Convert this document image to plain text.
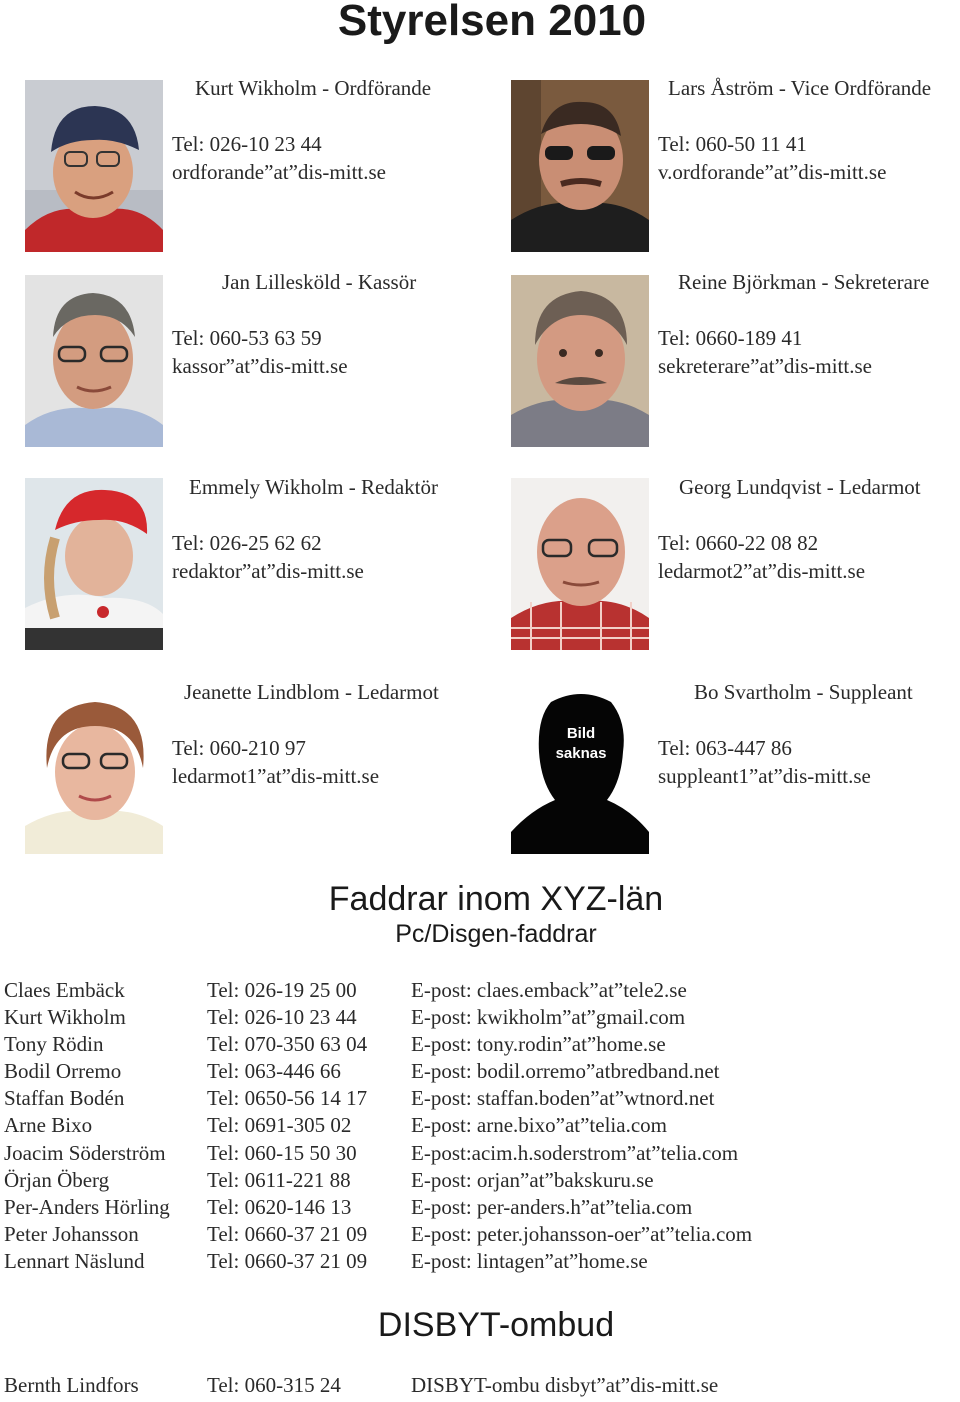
Styrelsen 2010
Kurt Wikholm - Ordförande
Tel: 026-10 23 44
ordforande”at”dis-mitt.se
Lars Åström - Vice Ordförande
Tel: 060-50 11 41
v.ordforande”at”dis-mitt.se
Jan Lillesköld - Kassör
Tel: 060-53 63 59
kassor”at”dis-mitt.se
Reine Björkman - Sekreterare
Tel: 0660-189 41
sekreterare”at”dis-mitt.se
Emmely Wikholm - Redaktör
Tel: 026-25 62 62
redaktor”at”dis-mitt.se
Georg Lundqvist - Ledarmot
Tel: 0660-22 08 82
ledarmot2”at”dis-mitt.se
Jeanette Lindblom - Ledarmot
Tel: 060-210 97
ledarmot1”at”dis-mitt.se
Bild
saknas
Bo Svartholm - Suppleant
Tel: 063-447 86
suppleant1”at”dis-mitt.se
Faddrar inom XYZ-län
Pc/Disgen-faddrar
Claes Embäck	Tel: 026-19 25 00	E-post: claes.emback”at”tele2.se
Kurt Wikholm	Tel: 026-10 23 44	E-post: kwikholm”at”gmail.com
Tony Rödin	Tel: 070-350 63 04 E-post: tony.rodin”at”home.se
Bodil Orremo	Tel: 063-446 66	E-post: bodil.orremo”atbredband.net
Staffan Bodén	Tel: 0650-56 14 17 E-post: staffan.boden”at”wtnord.net
Arne Bixo	Tel: 0691-305 02	E-post: arne.bixo”at”telia.com
Joacim Söderström Tel: 060-15 50 30	E-post:acim.h.soderstrom”at”telia.com
Örjan Öberg	Tel: 0611-221 88	E-post: orjan”at”bakskuru.se
Per-Anders Hörling Tel: 0620-146 13	E-post: per-anders.h”at”telia.com
Peter Johansson	Tel: 0660-37 21 09 E-post: peter.johansson-oer”at”telia.com
Lennart Näslund	Tel: 0660-37 21 09 E-post: lintagen”at”home.se
DISBYT-ombud
Bernth Lindfors	Tel: 060-315 24	DISBYT-ombu disbyt”at”dis-mitt.se
